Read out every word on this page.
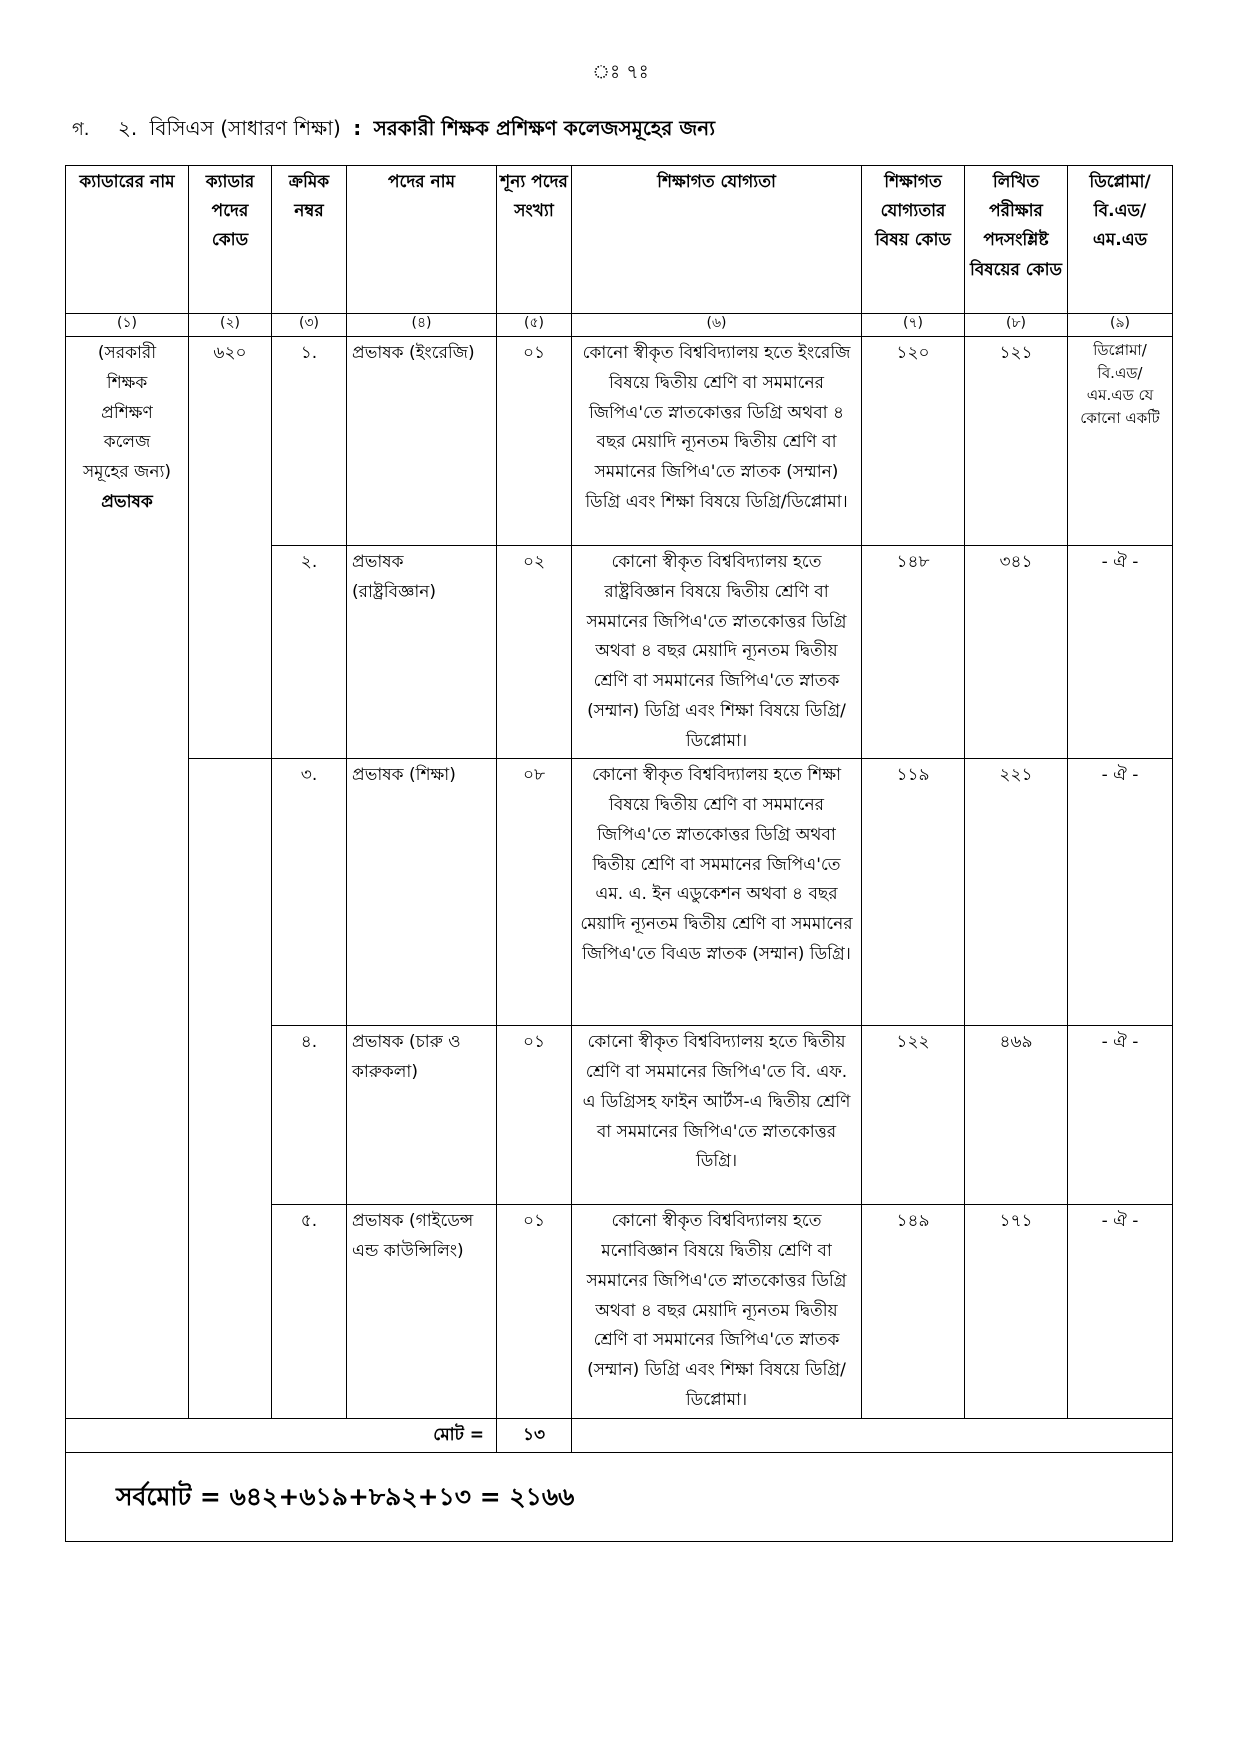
ঃ ৭ঃ
গ. ২. বিসিএস (সাধারণ শিক্ষা) : সরকারী শিক্ষক প্রশিক্ষণ কলেজসমূহের জন্য
ক্যাডারের নাম	ক্যাডার পদের কোড	ক্রমিক নম্বর	পদের নাম	শূন্য পদের সংখ্যা	শিক্ষাগত যোগ্যতা	শিক্ষাগত যোগ্যতার বিষয় কোড	লিখিত পরীক্ষার পদসংশ্লিষ্ট বিষয়ের কোড	ডিপ্লোমা/ বি.এড/ এম.এড
(১)	(২)	(৩)	(৪)	(৫)	(৬)	(৭)	(৮)	(৯)

(সরকারী শিক্ষক প্রশিক্ষণ কলেজ সমূহের জন্য)
প্রভাষক	৬২০	১.	প্রভাষক (ইংরেজি)	০১	কোনো স্বীকৃত বিশ্ববিদ্যালয় হতে ইংরেজি বিষয়ে দ্বিতীয় শ্রেণি বা সমমানের জিপিএ'তে স্নাতকোত্তর ডিগ্রি অথবা ৪ বছর মেয়াদি ন্যূনতম দ্বিতীয় শ্রেণি বা সমমানের জিপিএ'তে স্নাতক (সম্মান) ডিগ্রি এবং শিক্ষা বিষয়ে ডিগ্রি/ডিপ্লোমা।	১২০	১২১	ডিপ্লোমা/ বি.এড/ এম.এড যে কোনো একটি
		২.	প্রভাষক (রাষ্ট্রবিজ্ঞান)	০২	কোনো স্বীকৃত বিশ্ববিদ্যালয় হতে রাষ্ট্রবিজ্ঞান বিষয়ে দ্বিতীয় শ্রেণি বা সমমানের জিপিএ'তে স্নাতকোত্তর ডিগ্রি অথবা ৪ বছর মেয়াদি ন্যূনতম দ্বিতীয় শ্রেণি বা সমমানের জিপিএ'তে স্নাতক (সম্মান) ডিগ্রি এবং শিক্ষা বিষয়ে ডিগ্রি/ডিপ্লোমা।	১৪৮	৩৪১	- ঐ -
		৩.	প্রভাষক (শিক্ষা)	০৮	কোনো স্বীকৃত বিশ্ববিদ্যালয় হতে শিক্ষা বিষয়ে দ্বিতীয় শ্রেণি বা সমমানের জিপিএ'তে স্নাতকোত্তর ডিগ্রি অথবা দ্বিতীয় শ্রেণি বা সমমানের জিপিএ'তে এম. এ. ইন এডুকেশন অথবা ৪ বছর মেয়াদি ন্যূনতম দ্বিতীয় শ্রেণি বা সমমানের জিপিএ'তে বিএড স্নাতক (সম্মান) ডিগ্রি।	১১৯	২২১	- ঐ -
		৪.	প্রভাষক (চারু ও কারুকলা)	০১	কোনো স্বীকৃত বিশ্ববিদ্যালয় হতে দ্বিতীয় শ্রেণি বা সমমানের জিপিএ'তে বি. এফ. এ ডিগ্রিসহ ফাইন আর্টস-এ দ্বিতীয় শ্রেণি বা সমমানের জিপিএ'তে স্নাতকোত্তর ডিগ্রি।	১২২	৪৬৯	- ঐ -
		৫.	প্রভাষক (গাইডেন্স এন্ড কাউন্সিলিং)	০১	কোনো স্বীকৃত বিশ্ববিদ্যালয় হতে মনোবিজ্ঞান বিষয়ে দ্বিতীয় শ্রেণি বা সমমানের জিপিএ'তে স্নাতকোত্তর ডিগ্রি অথবা ৪ বছর মেয়াদি ন্যূনতম দ্বিতীয় শ্রেণি বা সমমানের জিপিএ'তে স্নাতক (সম্মান) ডিগ্রি এবং শিক্ষা বিষয়ে ডিগ্রি/ডিপ্লোমা।	১৪৯	১৭১	- ঐ -
মোট =				১৩				
সর্বমোট = ৬৪২+৬১৯+৮৯২+১৩ = ২১৬৬								
